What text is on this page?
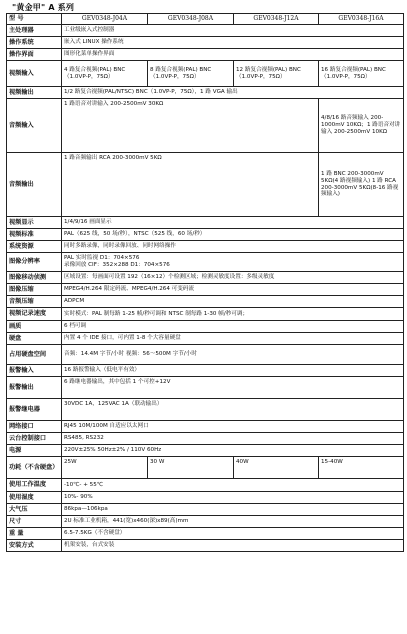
"黄金甲" A 系列
型 号	GEV0348-J04A	GEV0348-J08A	GEV0348-J12A	GEV0348-J16A
主处理器	工业级嵌入式控制器			
操作系统	嵌入式 LINUX 操作系统			
操作界面	图形化菜单操作界面			
视频输入	4 路复合视频(PAL) BNC（1.0VP-P，75Ω）	8 路复合视频(PAL) BNC（1.0VP-P，75Ω）	12 路复合视频(PAL) BNC（1.0VP-P，75Ω）	16 路复合视频(PAL) BNC（1.0VP-P，75Ω）
视频输出	1/2 路复合视频(PAL/NTSC) BNC（1.0VP-P，75Ω），1 路 VGA 输出			
音频输入	1 路语音对讲输入 200-2500mV 30KΩ			4/8/16 路音频输入 200-1000mV 10KΩ；1 路语音对讲输入 200-2500mV 10KΩ
音频输出	1 路音频输出 RCA 200-3000mV 5KΩ			1 路 BNC 200-3000mV 5KΩ(4 路视频输入) 1 路 RCA 200-3000mV 5KΩ(8-16 路视频输入)
视频显示	1/4/9/16 画面显示			
视频标准	PAL（625 线，50 场/秒），NTSC（525 线，60 场/秒）			
系统资源	同时多路录像，同时录像回放、同时网络操作			
图像分辨率	PAL 实时监视 D1：704×576
录像回放 CIF：352×288 D1：704×576			

图像移动侦测	区域设置：每画面可设置 192（16×12）个检测区域；检测灵敏度设置：多级灵敏度			
图像压缩	MPEG4/H.264 限定码流、MPEG4/H.264 可变码流			
音频压缩	ADPCM			
视频记录速度	实时模式：PAL 制每路 1-25 帧/秒可调和 NTSC 制每路 1-30 帧/秒可调；			
画质	6 档可调			
硬盘	内置 4 个 IDE 接口，可内置 1-8 个大容量硬盘			
占用硬盘空间	音频：14.4M 字节/小时 视频：56～500M 字节/小时			
报警输入	16 路报警输入（低电平有效）			
报警输出	6 路继电器输出，其中包括 1 个可控+12V			
报警继电器	30VDC 1A，125VAC 1A（联动输出）			
网络接口	RJ45 10M/100M 自适应以太网口			
云台控制接口	RS485, RS232			
电源	220V±25% 50Hz±2% / 110V 60Hz			
功耗（不含硬盘）	25W	30 W	40W	15-40W
使用工作温度	-10℃- + 55℃			
使用湿度	10%- 90%			
大气压	86kpa—106kpa			
尺寸	2U 标准工业机箱，441(宽)x460(深)x89(高)mm			
重 量	6.5-7.5KG（不含硬盘）			
安装方式	机架安装，台式安装			
